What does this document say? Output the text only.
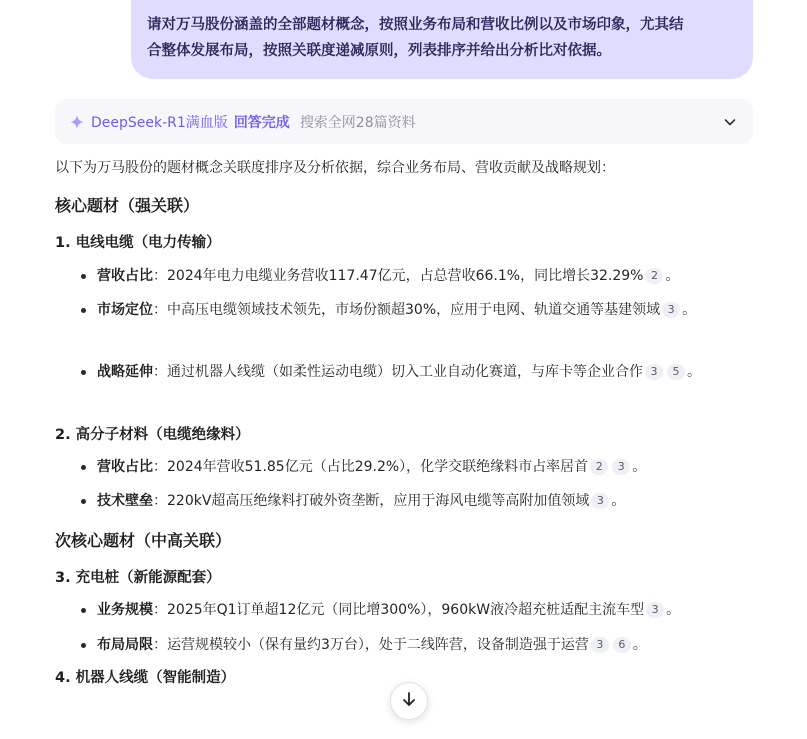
请对万马股份涵盖的全部题材概念，按照业务布局和营收比例以及市场印象，尤其结
合整体发展布局，按照关联度递减原则，列表排序并给出分析比对依据。
DeepSeek-R1满血版 回答完成 搜索全网28篇资料
以下为万马股份的题材概念关联度排序及分析依据，综合业务布局、营收贡献及战略规划：
核心题材（强关联）
1. 电线电缆（电力传输）
营收占比：2024年电力电缆业务营收117.47亿元，占总营收66.1%，同比增长32.29% 2 。
市场定位：中高压电缆领域技术领先，市场份额超30%，应用于电网、轨道交通等基建领域 3 。
战略延伸：通过机器人线缆（如柔性运动电缆）切入工业自动化赛道，与库卡等企业合作 3 5 。
2. 高分子材料（电缆绝缘料）
营收占比：2024年营收51.85亿元（占比29.2%），化学交联绝缘料市占率居首 2 3 。
技术壁垒：220kV超高压绝缘料打破外资垄断，应用于海风电缆等高附加值领域 3 。
次核心题材（中高关联）
3. 充电桩（新能源配套）
业务规模：2025年Q1订单超12亿元（同比增300%），960kW液冷超充桩适配主流车型 3 。
布局局限：运营规模较小（保有量约3万台），处于二线阵营，设备制造强于运营 3 6 。
4. 机器人线缆（智能制造）
